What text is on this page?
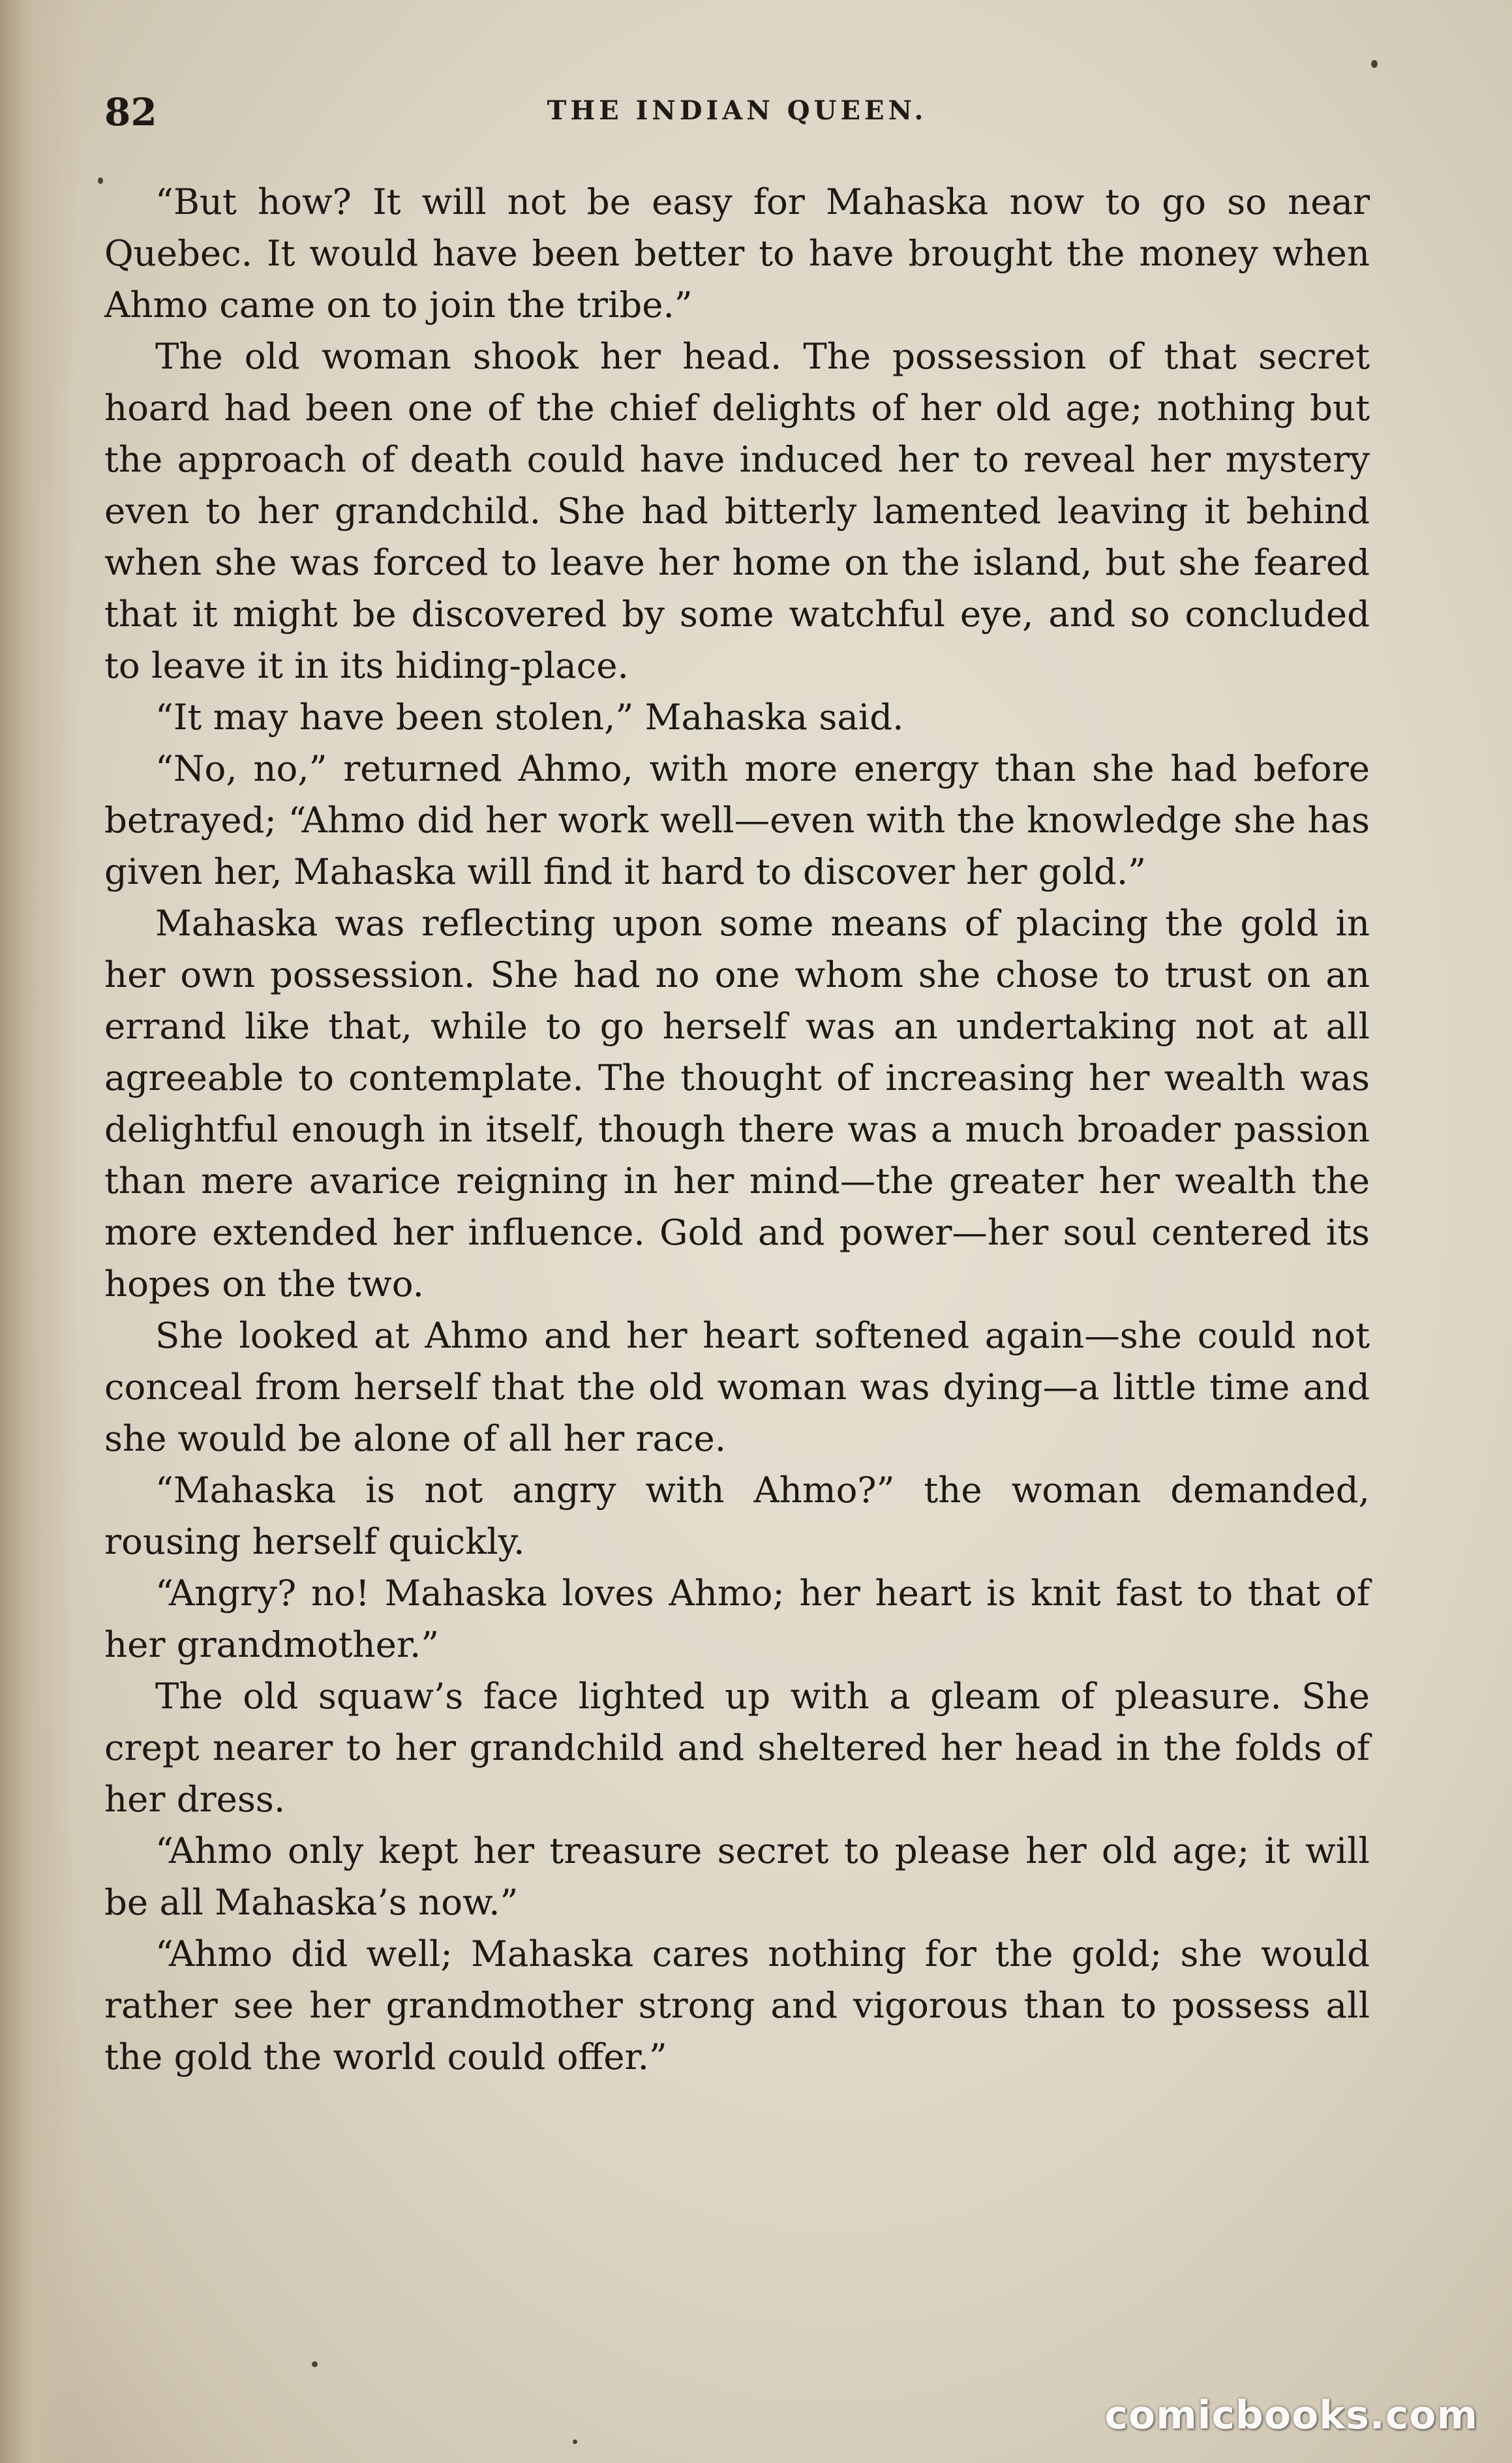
82	THE INDIAN QUEEN.

“But how? It will not be easy for Mahaska now to go so near Quebec. It would have been better to have brought the money when Ahmo came on to join the tribe.”

The old woman shook her head. The possession of that secret hoard had been one of the chief delights of her old age; nothing but the approach of death could have induced her to reveal her mystery even to her grandchild. She had bitterly lamented leaving it behind when she was forced to leave her home on the island, but she feared that it might be discovered by some watchful eye, and so concluded to leave it in its hiding-place.

“It may have been stolen,” Mahaska said.

“No, no,” returned Ahmo, with more energy than she had before betrayed; “Ahmo did her work well—even with the knowledge she has given her, Mahaska will find it hard to discover her gold.”

Mahaska was reflecting upon some means of placing the gold in her own possession. She had no one whom she chose to trust on an errand like that, while to go herself was an undertaking not at all agreeable to contemplate. The thought of increasing her wealth was delightful enough in itself, though there was a much broader passion than mere avarice reigning in her mind—the greater her wealth the more extended her influence. Gold and power—her soul centered its hopes on the two.

She looked at Ahmo and her heart softened again—she could not conceal from herself that the old woman was dying—a little time and she would be alone of all her race.

“Mahaska is not angry with Ahmo?” the woman demanded, rousing herself quickly.

“Angry? no! Mahaska loves Ahmo; her heart is knit fast to that of her grandmother.”

The old squaw’s face lighted up with a gleam of pleasure. She crept nearer to her grandchild and sheltered her head in the folds of her dress.

“Ahmo only kept her treasure secret to please her old age; it will be all Mahaska’s now.”

“Ahmo did well; Mahaska cares nothing for the gold; she would rather see her grandmother strong and vigorous than to possess all the gold the world could offer.”

comicbooks.com
